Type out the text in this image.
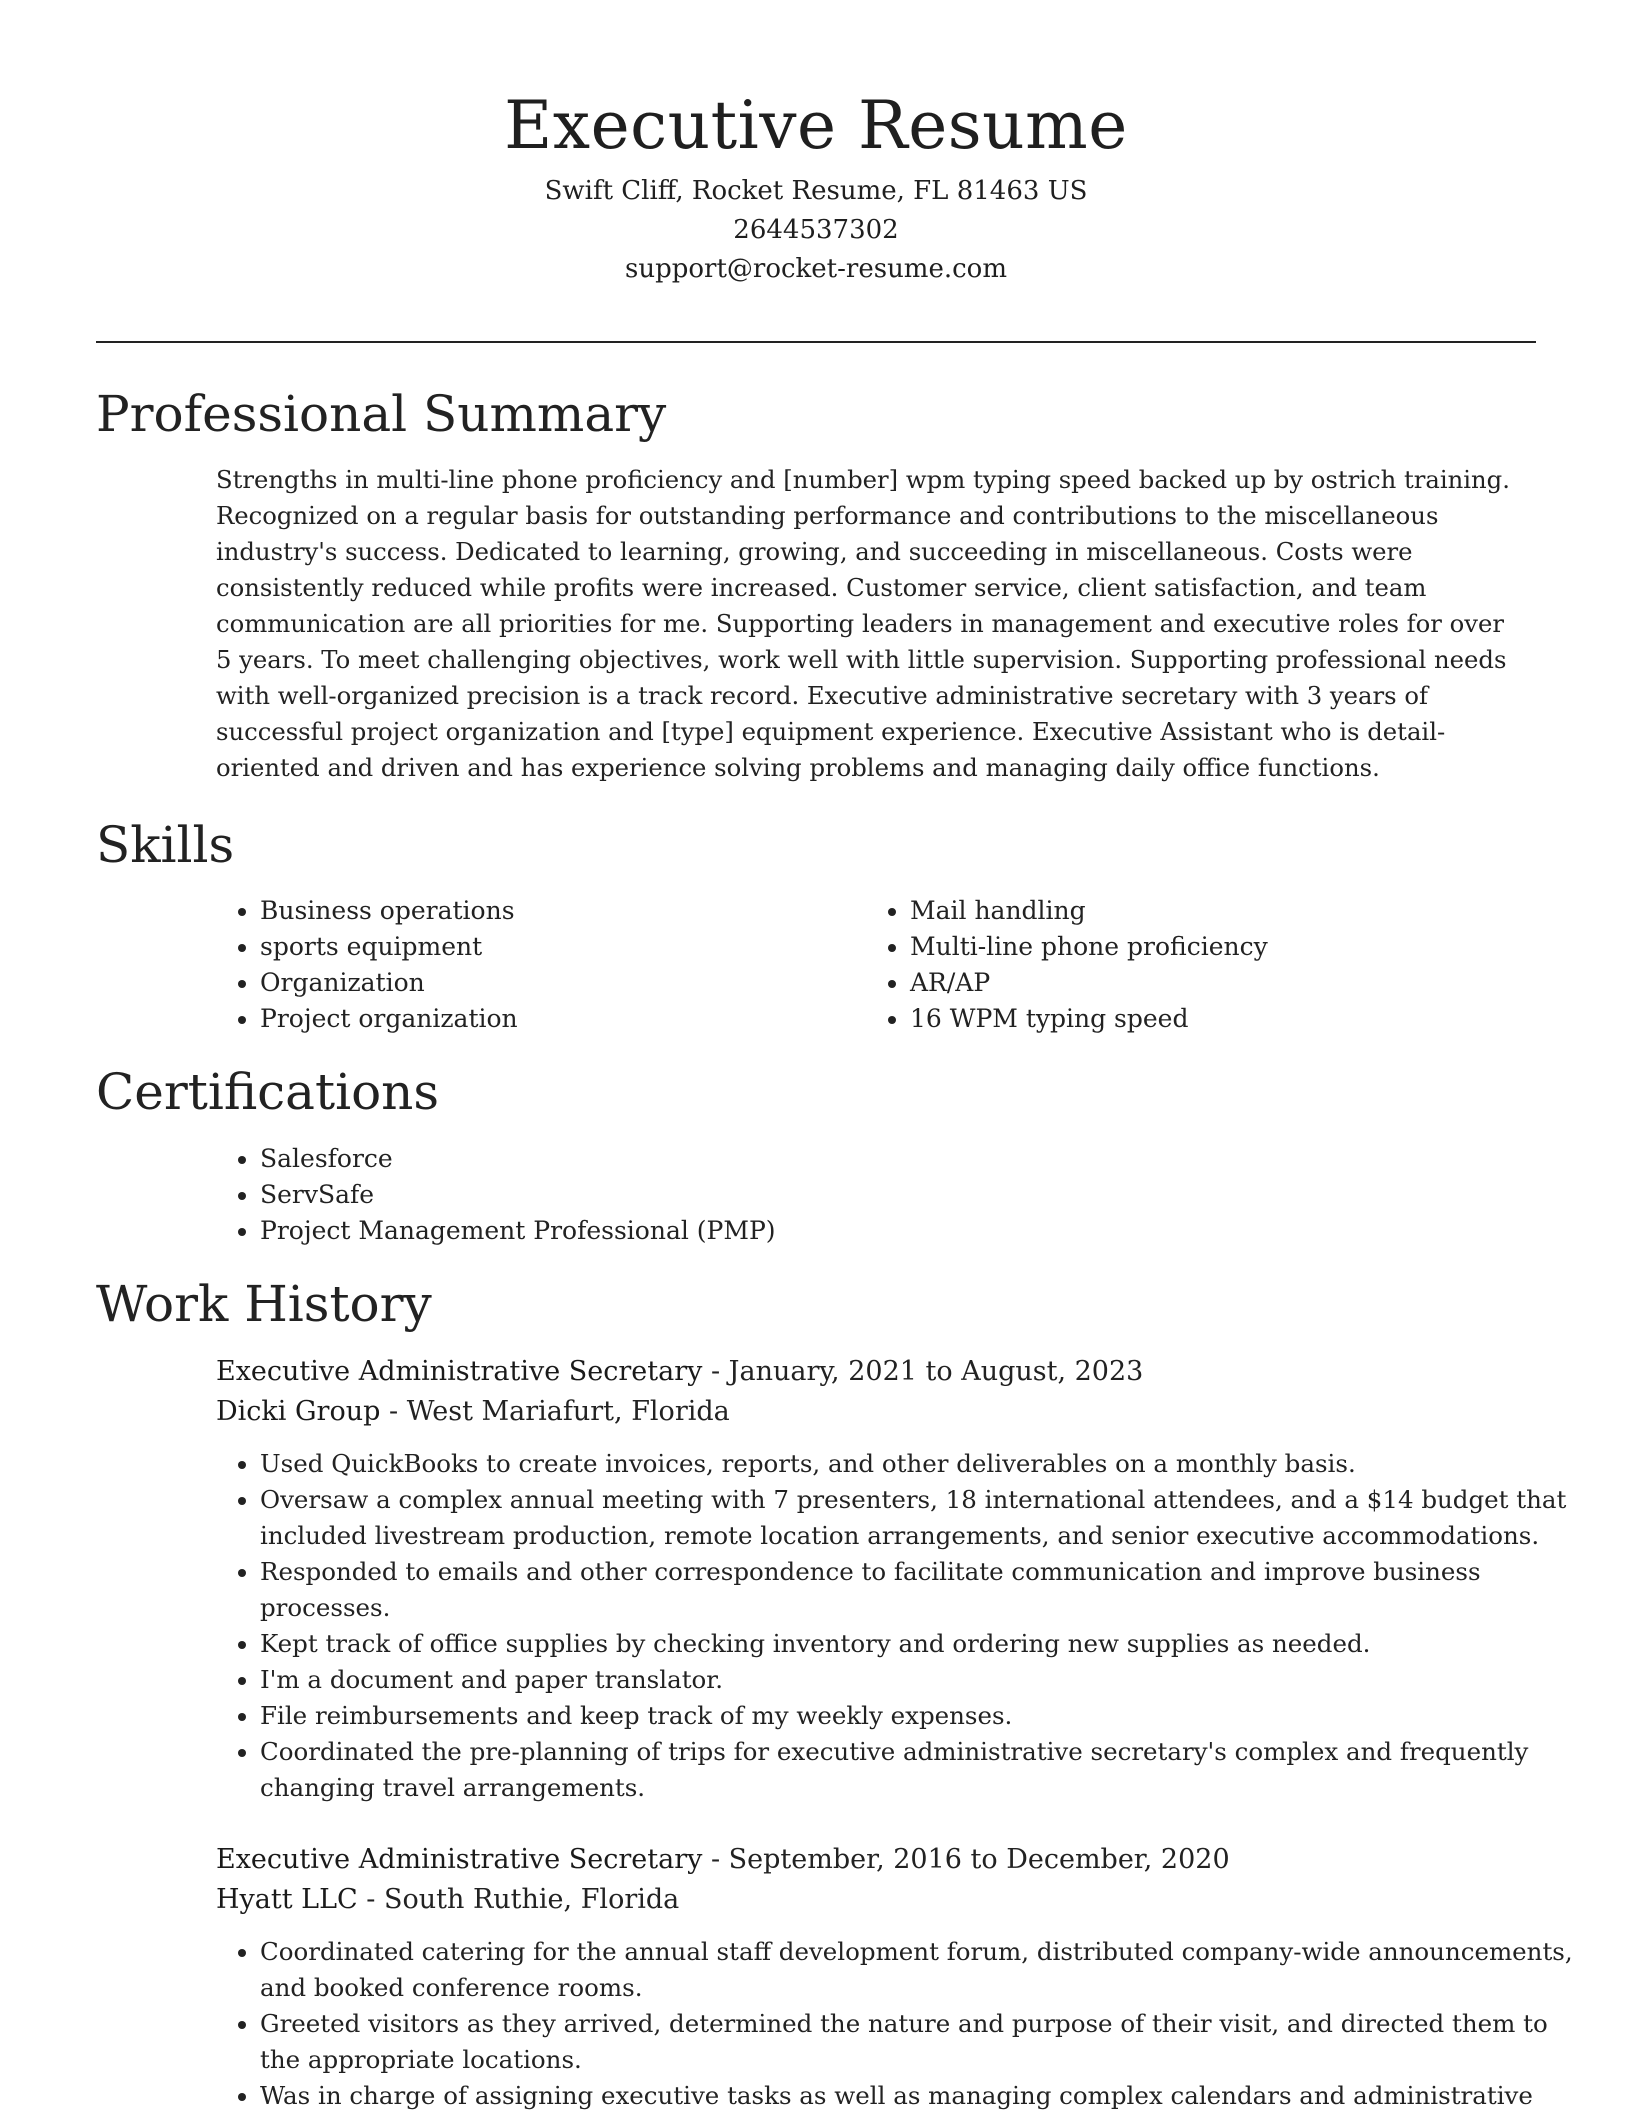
Executive Resume

Swift Cliff, Rocket Resume, FL 81463 US

2644537302

support@rocket-resume.com

Professional Summary

Strengths in multi-line phone proficiency and [number] wpm typing speed backed up by ostrich training. Recognized on a regular basis for outstanding performance and contributions to the miscellaneous industry's success. Dedicated to learning, growing, and succeeding in miscellaneous. Costs were consistently reduced while profits were increased. Customer service, client satisfaction, and team communication are all priorities for me. Supporting leaders in management and executive roles for over 5 years. To meet challenging objectives, work well with little supervision. Supporting professional needs with well-organized precision is a track record. Executive administrative secretary with 3 years of successful project organization and [type] equipment experience. Executive Assistant who is detail-oriented and driven and has experience solving problems and managing daily office functions.

Skills
• Business operations
• sports equipment
• Organization
• Project organization
• Mail handling
• Multi-line phone proficiency
• AR/AP
• 16 WPM typing speed
Certifications
• Salesforce
• ServSafe
• Project Management Professional (PMP)
Work History
Executive Administrative Secretary - January, 2021 to August, 2023
Dicki Group - West Mariafurt, Florida
• Used QuickBooks to create invoices, reports, and other deliverables on a monthly basis.
• Oversaw a complex annual meeting with 7 presenters, 18 international attendees, and a $14 budget that included livestream production, remote location arrangements, and senior executive accommodations.
• Responded to emails and other correspondence to facilitate communication and improve business processes.
• Kept track of office supplies by checking inventory and ordering new supplies as needed.
• I'm a document and paper translator.
• File reimbursements and keep track of my weekly expenses.
• Coordinated the pre-planning of trips for executive administrative secretary's complex and frequently changing travel arrangements.
Executive Administrative Secretary - September, 2016 to December, 2020
Hyatt LLC - South Ruthie, Florida
• Coordinated catering for the annual staff development forum, distributed company-wide announcements, and booked conference rooms.
• Greeted visitors as they arrived, determined the nature and purpose of their visit, and directed them to the appropriate locations.
• Was in charge of assigning executive tasks as well as managing complex calendars and administrative
